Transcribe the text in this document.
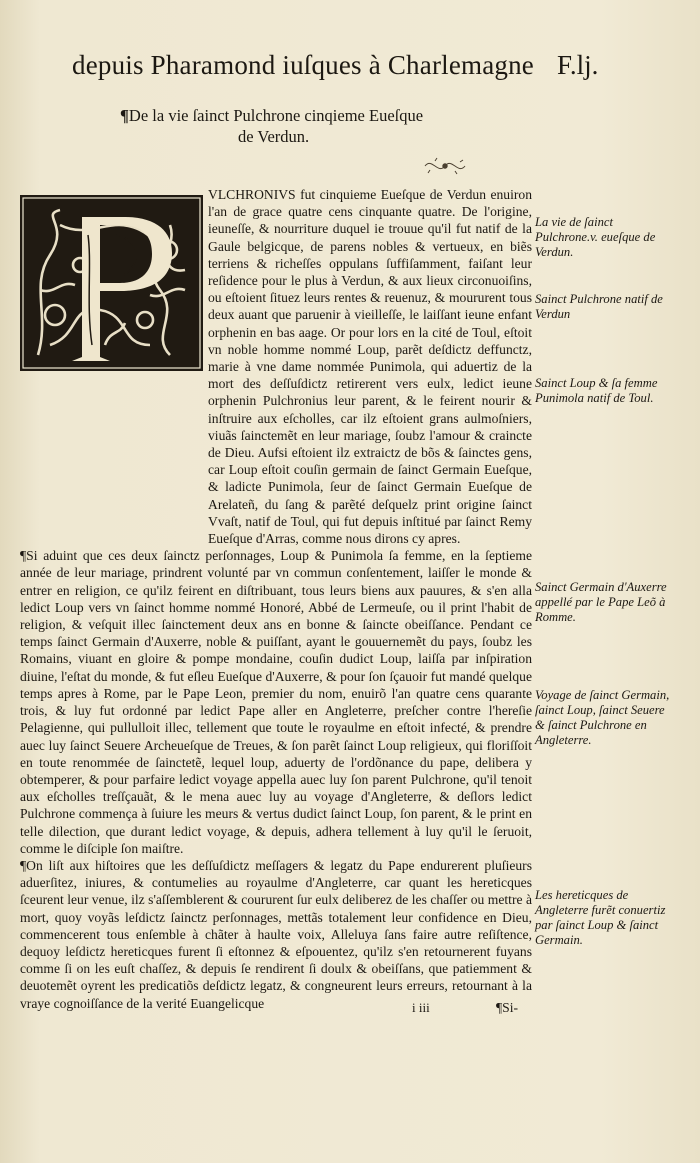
depuis Pharamond iuſques à Charlemagne F.lj.
¶De la vie ſainct Pulchrone cinqieme Eueſque
de Verdun.

VLCHRONIVS fut cinquieme Eueſque de Verdun enuiron l'an de grace quatre cens cinquante quatre. De l'origine, ieuneſſe, & nourriture duquel ie trouue qu'il fut natif de la Gaule belgicque, de parens nobles & vertueux, en biẽs terriens & richeſſes oppulans ſuffiſamment, faiſant leur reſidence pour le plus à Verdun, & aux lieux circonuoiſins, ou eſtoient ſituez leurs rentes & reuenuz, & moururent tous deux auant que paruenir à vieilleſſe, le laiſſant ieune enfant orphenin en bas aage. Or pour lors en la cité de Toul, eſtoit vn noble homme nommé Loup, parẽt deſdictz deffunctz, marie à vne dame nommée Punimola, qui aduertiz de la mort des deſſuſdictz retirerent vers eulx, ledict ieune orphenin Pulchronius leur parent, & le feirent nourir & inſtruire aux eſcholles, car ilz eſtoient grans aulmoſniers, viuãs ſainctemẽt en leur mariage, ſoubz l'amour & craincte de Dieu. Aufsi eſtoient ilz extraictz de bõs & ſainctes gens, car Loup eſtoit couſin germain de ſainct Germain Eueſque, & ladicte Punimola, ſeur de ſainct Germain Eueſque de Arelateñ, du ſang & parẽté deſquelz print origine ſainct Vvaſt, natif de Toul, qui fut depuis inſtitué par ſainct Remy Eueſque d'Arras, comme nous dirons cy apres.

¶Si aduint que ces deux ſainctz perſonnages, Loup & Punimola ſa femme, en la ſeptieme année de leur mariage, prindrent volunté par vn commun conſentement, laiſſer le monde & entrer en religion, ce qu'ilz feirent en diſtribuant, tous leurs biens aux pauures, & s'en alla ledict Loup vers vn ſainct homme nommé Honoré, Abbé de Lermeuſe, ou il print l'habit de religion, & veſquit illec ſainctement deux ans en bonne & ſaincte obeiſſance. Pendant ce temps ſainct Germain d'Auxerre, noble & puiſſant, ayant le gouuernemẽt du pays, ſoubz les Romains, viuant en gloire & pompe mondaine, couſin dudict Loup, laiſſa par inſpiration diuine, l'eſtat du monde, & fut eſleu Eueſque d'Auxerre, & pour ſon ſçauoir fut mandé quelque temps apres à Rome, par le Pape Leon, premier du nom, enuirõ l'an quatre cens quarante trois, & luy fut ordonné par ledict Pape aller en Angleterre, preſcher contre l'hereſie Pelagienne, qui pullulloit illec, tellement que toute le royaulme en eſtoit infecté, & prendre auec luy ſainct Seuere Archeueſque de Treues, & ſon parẽt ſainct Loup religieux, qui floriſſoit en toute renommée de ſainctetẽ, lequel loup, aduerty de l'ordõnance du pape, delibera y obtemperer, & pour parfaire ledict voyage appella auec luy ſon parent Pulchrone, qu'il tenoit aux eſcholles treſſçauãt, & le mena auec luy au voyage d'Angleterre, & deſlors ledict Pulchrone commença à ſuiure les meurs & vertus dudict ſainct Loup, ſon parent, & le print en telle dilection, que durant ledict voyage, & depuis, adhera tellement à luy qu'il le ſeruoit, comme le diſciple ſon maiſtre.

¶On liſt aux hiſtoires que les deſſuſdictz meſſagers & legatz du Pape endurerent pluſieurs aduerſitez, iniures, & contumelies au royaulme d'Angleterre, car quant les hereticques ſceurent leur venue, ilz s'aſſemblerent & coururent ſur eulx deliberez de les chaſſer ou mettre à mort, quoy voyãs leſdictz ſainctz perſonnages, mettãs totalement leur confidence en Dieu, commencerent tous enſemble à chãter à haulte voix, Alleluya ſans faire autre reſiſtence, dequoy leſdictz hereticques furent ſi eſtonnez & eſpouentez, qu'ilz s'en retournerent fuyans comme ſi on les euſt chaſſez, & depuis ſe rendirent ſi doulx & obeiſſans, que patiemment & deuotemẽt oyrent les predicatiõs deſdictz legatz, & congneurent leurs erreurs, retournant à la vraye cognoiſſance de la verité Euangelicque

La vie de ſainct Pulchrone.v. eueſque de Verdun.
Sainct Pulchrone natif de Verdun
Sainct Loup & ſa femme Punimola natif de Toul.
Sainct Germain d'Auxerre appellé par le Pape Leõ à Romme.
Voyage de ſainct Germain, ſainct Loup, ſainct Seuere & ſainct Pulchrone en Angleterre.
Les hereticques de Angleterre furẽt conuertiz par ſainct Loup & ſainct Germain.
i iii	¶Si-
